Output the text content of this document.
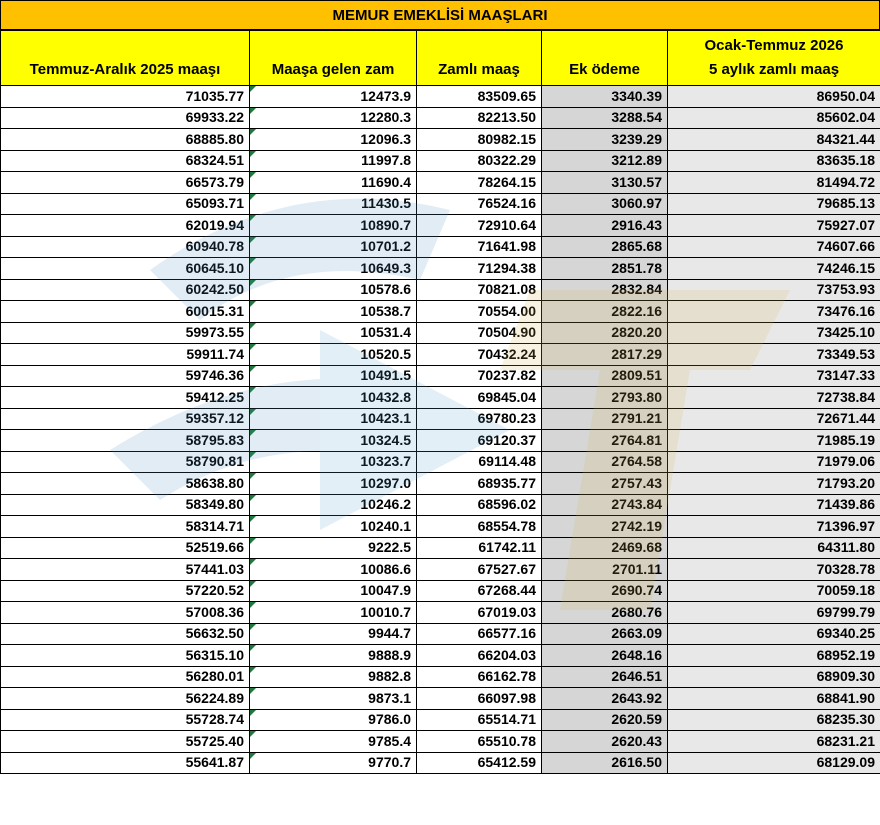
MEMUR EMEKLİSİ MAAŞLARI
Temmuz-Aralık 2025 maaşı	Maaşa gelen zam	Zamlı maaş	Ek ödeme	Ocak-Temmuz 2026
5 aylık zamlı maaş
71035.77	12473.9	83509.65	3340.39	86950.04
69933.22	12280.3	82213.50	3288.54	85602.04
68885.80	12096.3	80982.15	3239.29	84321.44
68324.51	11997.8	80322.29	3212.89	83635.18
66573.79	11690.4	78264.15	3130.57	81494.72
65093.71	11430.5	76524.16	3060.97	79685.13
62019.94	10890.7	72910.64	2916.43	75927.07
60940.78	10701.2	71641.98	2865.68	74607.66
60645.10	10649.3	71294.38	2851.78	74246.15
60242.50	10578.6	70821.08	2832.84	73753.93
60015.31	10538.7	70554.00	2822.16	73476.16
59973.55	10531.4	70504.90	2820.20	73425.10
59911.74	10520.5	70432.24	2817.29	73349.53
59746.36	10491.5	70237.82	2809.51	73147.33
59412.25	10432.8	69845.04	2793.80	72738.84
59357.12	10423.1	69780.23	2791.21	72671.44
58795.83	10324.5	69120.37	2764.81	71985.19
58790.81	10323.7	69114.48	2764.58	71979.06
58638.80	10297.0	68935.77	2757.43	71793.20
58349.80	10246.2	68596.02	2743.84	71439.86
58314.71	10240.1	68554.78	2742.19	71396.97
52519.66	9222.5	61742.11	2469.68	64311.80
57441.03	10086.6	67527.67	2701.11	70328.78
57220.52	10047.9	67268.44	2690.74	70059.18
57008.36	10010.7	67019.03	2680.76	69799.79
56632.50	9944.7	66577.16	2663.09	69340.25
56315.10	9888.9	66204.03	2648.16	68952.19
56280.01	9882.8	66162.78	2646.51	68909.30
56224.89	9873.1	66097.98	2643.92	68841.90
55728.74	9786.0	65514.71	2620.59	68235.30
55725.40	9785.4	65510.78	2620.43	68231.21
55641.87	9770.7	65412.59	2616.50	68129.09
